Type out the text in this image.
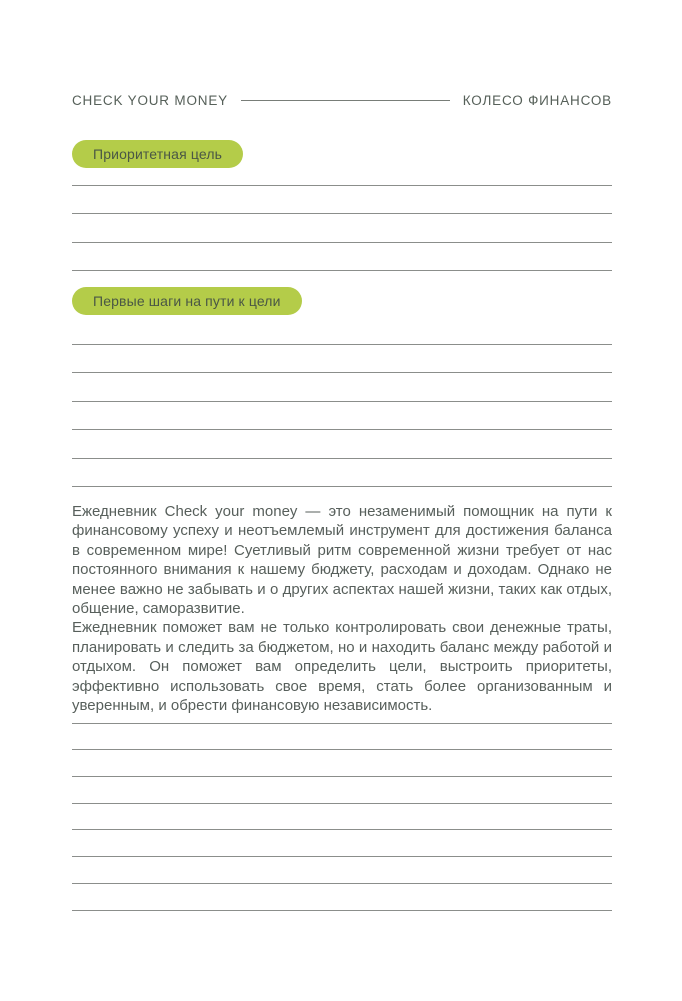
CHECK YOUR MONEY	КОЛЕСО ФИНАНСОВ
Приоритетная цель
Первые шаги на пути к цели

Ежедневник Check your money — это незаменимый помощник на пути к финансовому успеху и неотъемлемый инструмент для достижения баланса в современном мире! Суетливый ритм современной жизни требует от нас постоянного внимания к нашему бюджету, расходам и доходам. Однако не менее важно не забывать и о других аспектах нашей жизни, таких как отдых, общение, саморазвитие.

Ежедневник поможет вам не только контролировать свои денежные траты, планировать и следить за бюджетом, но и находить баланс между работой и отдыхом. Он поможет вам определить цели, выстроить приоритеты, эффективно использовать свое время, стать более организованным и уверенным, и обрести финансовую независимость.
